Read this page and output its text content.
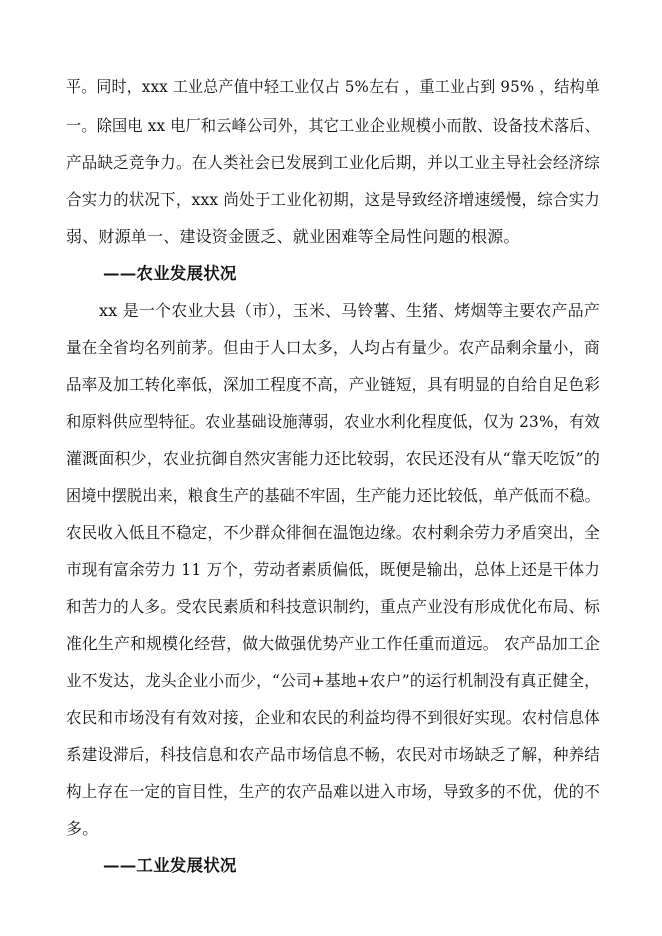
平。同时，xxx 工业总产值中轻工业仅占 5%左右 ，重工业占到 95% ，结构单
一。除国电 xx 电厂和云峰公司外，其它工业企业规模小而散、设备技术落后、
产品缺乏竞争力。在人类社会已发展到工业化后期，并以工业主导社会经济综
合实力的状况下，xxx 尚处于工业化初期，这是导致经济增速缓慢，综合实力
弱、财源单一、建设资金匮乏、就业困难等全局性问题的根源。
——农业发展状况
xx 是一个农业大县（市），玉米、马铃薯、生猪、烤烟等主要农产品产
量在全省均名列前茅。但由于人口太多，人均占有量少。农产品剩余量小，商
品率及加工转化率低，深加工程度不高，产业链短，具有明显的自给自足色彩
和原料供应型特征。农业基础设施薄弱，农业水利化程度低，仅为 23%，有效
灌溉面积少，农业抗御自然灾害能力还比较弱，农民还没有从“靠天吃饭”的
困境中摆脱出来，粮食生产的基础不牢固，生产能力还比较低，单产低而不稳。
农民收入低且不稳定，不少群众徘徊在温饱边缘。农村剩余劳力矛盾突出，全
市现有富余劳力 11 万个，劳动者素质偏低，既便是输出，总体上还是干体力
和苦力的人多。受农民素质和科技意识制约，重点产业没有形成优化布局、标
准化生产和规模化经营，做大做强优势产业工作任重而道远。 农产品加工企
业不发达，龙头企业小而少，“公司+基地+农户”的运行机制没有真正健全，
农民和市场没有有效对接，企业和农民的利益均得不到很好实现。农村信息体
系建设滞后，科技信息和农产品市场信息不畅，农民对市场缺乏了解，种养结
构上存在一定的盲目性，生产的农产品难以进入市场，导致多的不优，优的不
多。
——工业发展状况
